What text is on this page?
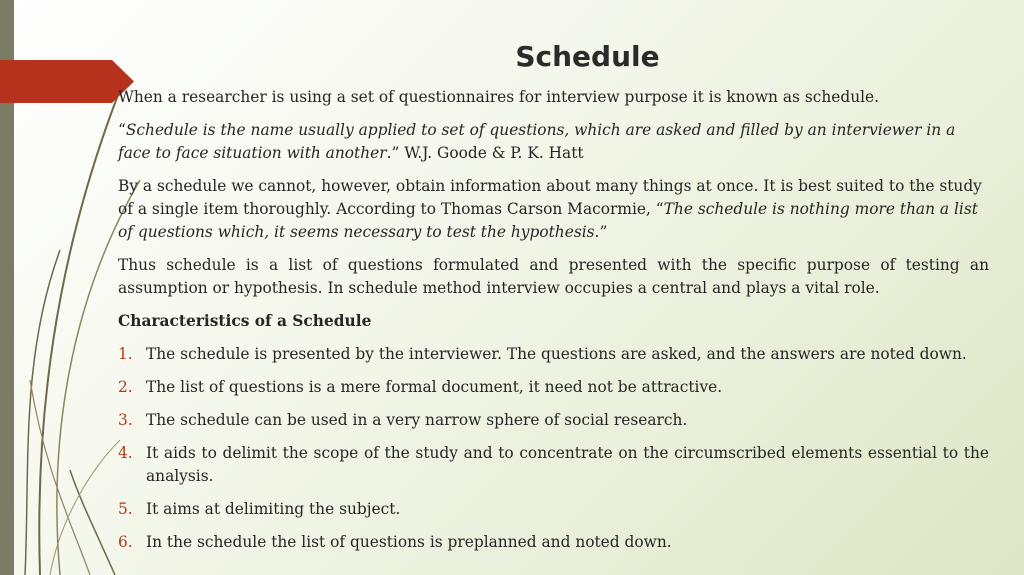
Schedule

When a researcher is using a set of questionnaires for interview purpose it is known as schedule.

“Schedule is the name usually applied to set of questions, which are asked and filled by an interviewer in a face to face situation with another.” W.J. Goode & P. K. Hatt

By a schedule we cannot, however, obtain information about many things at once. It is best suited to the study of a single item thoroughly. According to Thomas Carson Macormie, “The schedule is nothing more than a list of questions which, it seems necessary to test the hypothesis.”

Thus schedule is a list of questions formulated and presented with the specific purpose of testing an assumption or hypothesis. In schedule method interview occupies a central and plays a vital role.

Characteristics of a Schedule

1. The schedule is presented by the interviewer. The questions are asked, and the answers are noted down.
2. The list of questions is a mere formal document, it need not be attractive.
3. The schedule can be used in a very narrow sphere of social research.
4. It aids to delimit the scope of the study and to concentrate on the circumscribed elements essential to the analysis.
5. It aims at delimiting the subject.
6. In the schedule the list of questions is preplanned and noted down.
